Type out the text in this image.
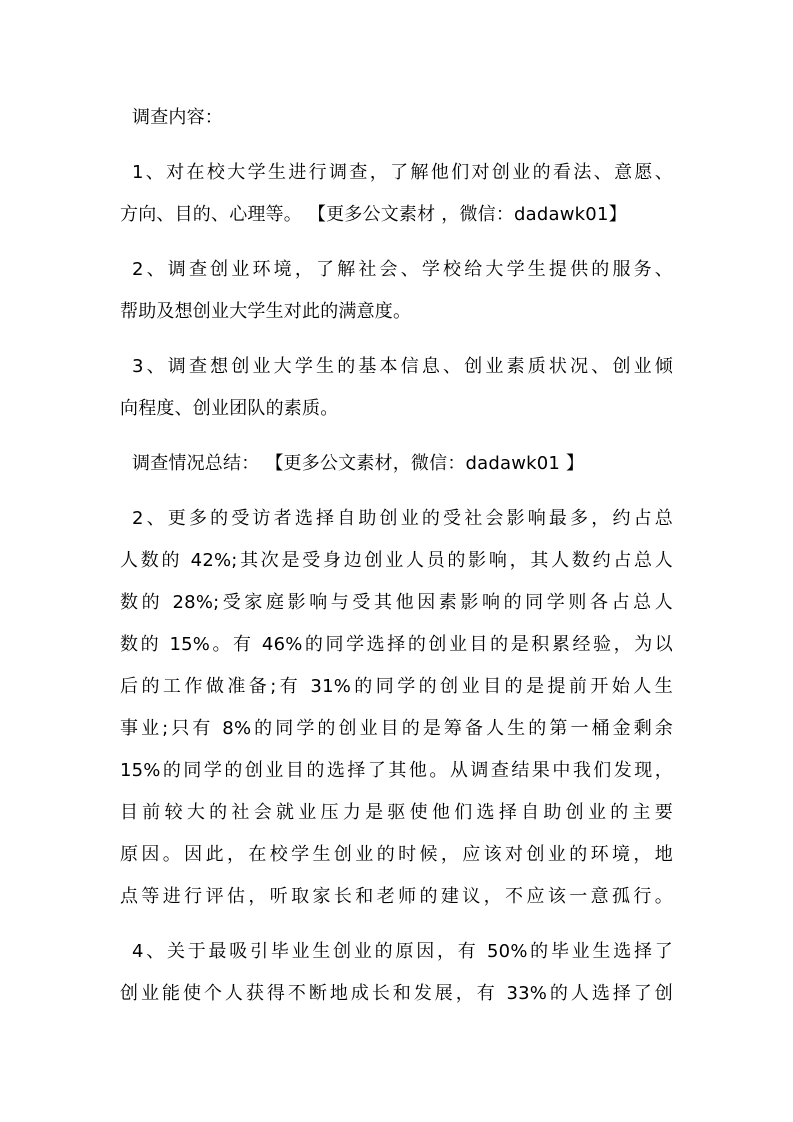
调查内容：
1、对在校大学生进行调查，了解他们对创业的看法、意愿、
方向、目的、心理等。 【更多公文素材 ，微信：dadawk01】
2、调查创业环境，了解社会、学校给大学生提供的服务、
帮助及想创业大学生对此的满意度。
3、调查想创业大学生的基本信息、创业素质状况、创业倾
向程度、创业团队的素质。
调查情况总结： 【更多公文素材，微信：dadawk01 】
2、更多的受访者选择自助创业的受社会影响最多，约占总
人数的 42%;其次是受身边创业人员的影响，其人数约占总人
数的 28%;受家庭影响与受其他因素影响的同学则各占总人
数的 15%。有 46%的同学选择的创业目的是积累经验，为以
后的工作做准备;有 31%的同学的创业目的是提前开始人生
事业;只有 8%的同学的创业目的是筹备人生的第一桶金剩余
15%的同学的创业目的选择了其他。从调查结果中我们发现，
目前较大的社会就业压力是驱使他们选择自助创业的主要
原因。因此，在校学生创业的时候，应该对创业的环境，地
点等进行评估，听取家长和老师的建议，不应该一意孤行。
4、关于最吸引毕业生创业的原因，有 50%的毕业生选择了
创业能使个人获得不断地成长和发展，有 33%的人选择了创
